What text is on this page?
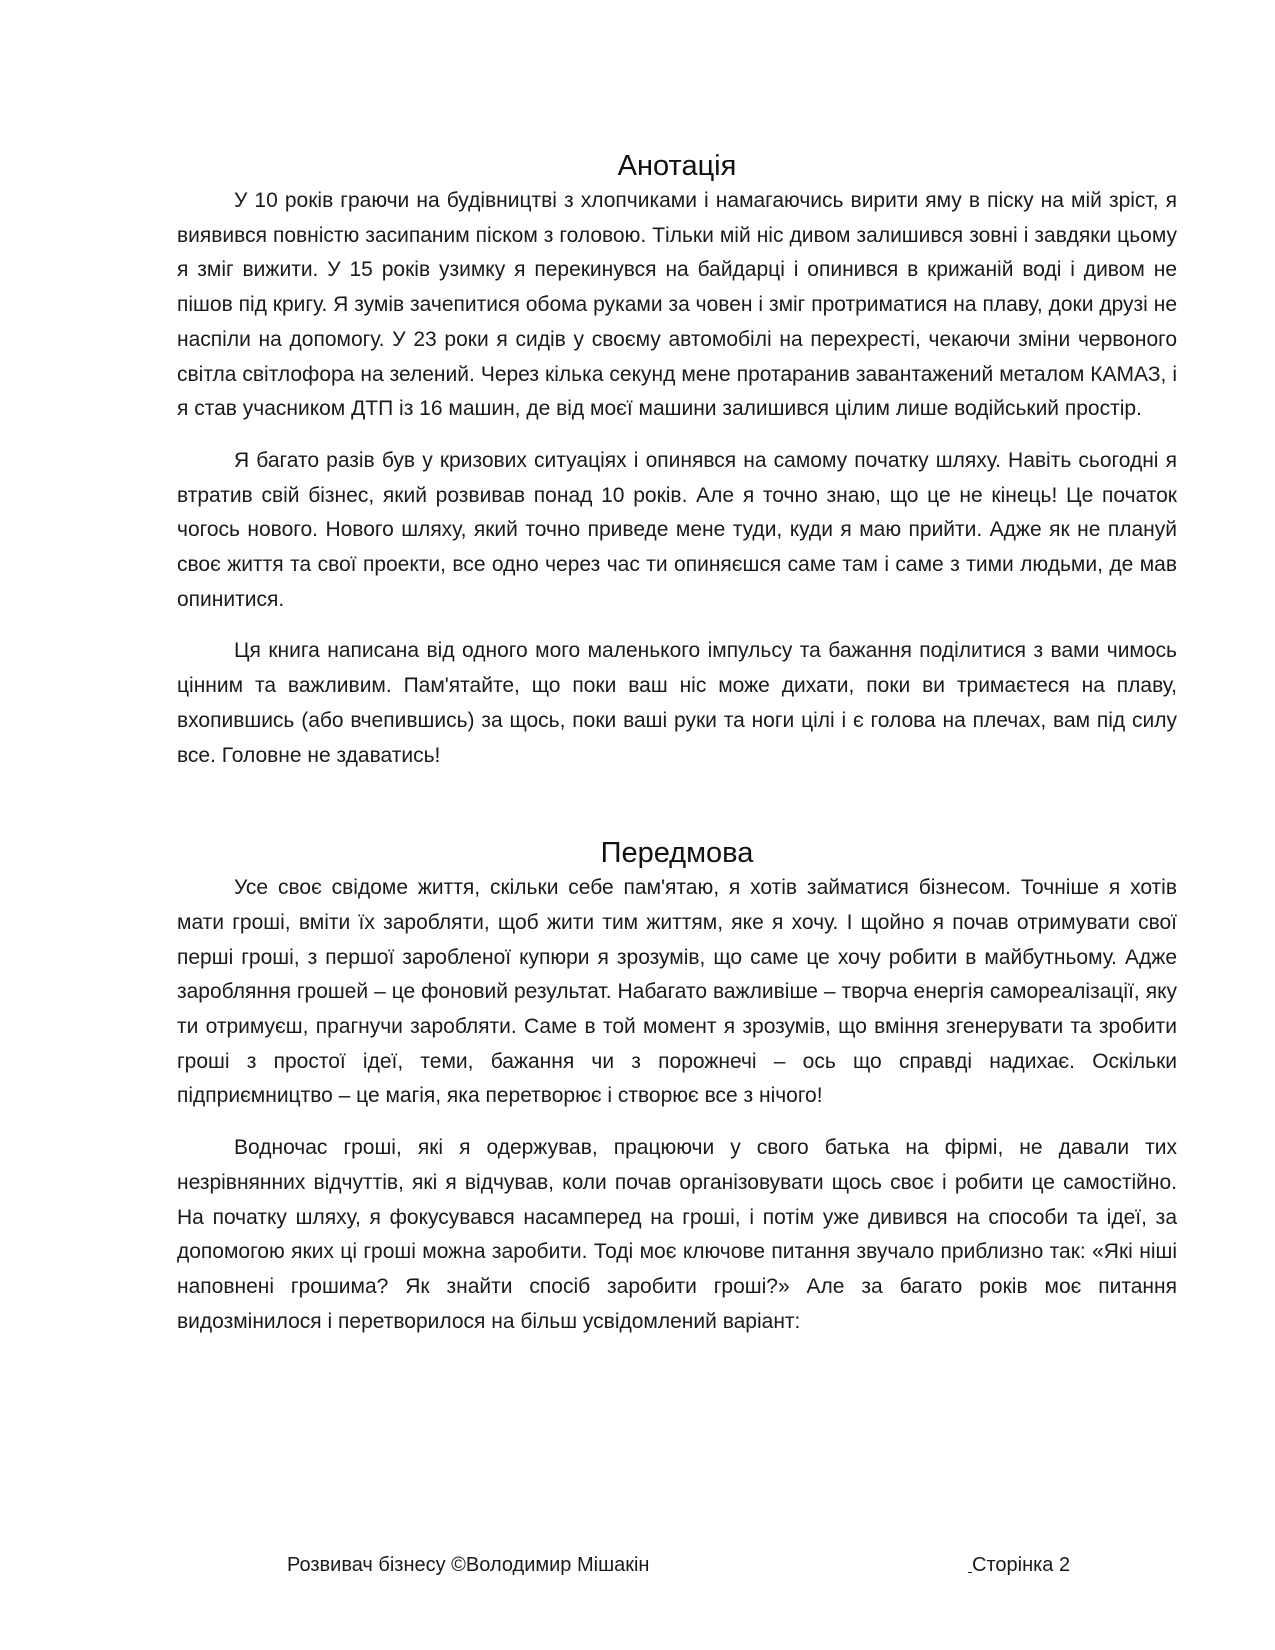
Анотація

У 10 років граючи на будівництві з хлопчиками і намагаючись вирити яму в піску на мій зріст, я виявився повністю засипаним піском з головою. Тільки мій ніс дивом залишився зовні і завдяки цьому я зміг вижити. У 15 років узимку я перекинувся на байдарці і опинився в крижаній воді і дивом не пішов під кригу. Я зумів зачепитися обома руками за човен і зміг протриматися на плаву, доки друзі не наспіли на допомогу. У 23 роки я сидів у своєму автомобілі на перехресті, чекаючи зміни червоного світла світлофора на зелений. Через кілька секунд мене протаранив завантажений металом КАМАЗ, і я став учасником ДТП із 16 машин, де від моєї машини залишився цілим лише водійський простір.

Я багато разів був у кризових ситуаціях і опинявся на самому початку шляху. Навіть сьогодні я втратив свій бізнес, який розвивав понад 10 років. Але я точно знаю, що це не кінець! Це початок чогось нового. Нового шляху, який точно приведе мене туди, куди я маю прийти. Адже як не плануй своє життя та свої проекти, все одно через час ти опиняєшся саме там і саме з тими людьми, де мав опинитися.

Ця книга написана від одного мого маленького імпульсу та бажання поділитися з вами чимось цінним та важливим. Пам'ятайте, що поки ваш ніс може дихати, поки ви тримаєтеся на плаву, вхопившись (або вчепившись) за щось, поки ваші руки та ноги цілі і є голова на плечах, вам під силу все. Головне не здаватись!

Передмова

Усе своє свідоме життя, скільки себе пам'ятаю, я хотів займатися бізнесом. Точніше я хотів мати гроші, вміти їх заробляти, щоб жити тим життям, яке я хочу. І щойно я почав отримувати свої перші гроші, з першої заробленої купюри я зрозумів, що саме це хочу робити в майбутньому. Адже заробляння грошей – це фоновий результат. Набагато важливіше – творча енергія самореалізації, яку ти отримуєш, прагнучи заробляти. Саме в той момент я зрозумів, що вміння згенерувати та зробити гроші з простої ідеї, теми, бажання чи з порожнечі – ось що справді надихає. Оскільки підприємництво – це магія, яка перетворює і створює все з нічого!

Водночас гроші, які я одержував, працюючи у свого батька на фірмі, не давали тих незрівнянних відчуттів, які я відчував, коли почав організовувати щось своє і робити це самостійно. На початку шляху, я фокусувався насамперед на гроші, і потім уже дивився на способи та ідеї, за допомогою яких ці гроші можна заробити. Тоді моє ключове питання звучало приблизно так: «Які ніші наповнені грошима? Як знайти спосіб заробити гроші?» Але за багато років моє питання видозмінилося і перетворилося на більш усвідомлений варіант:

Розвивач бізнесу ©Володимир Мішакін	Сторінка 2
